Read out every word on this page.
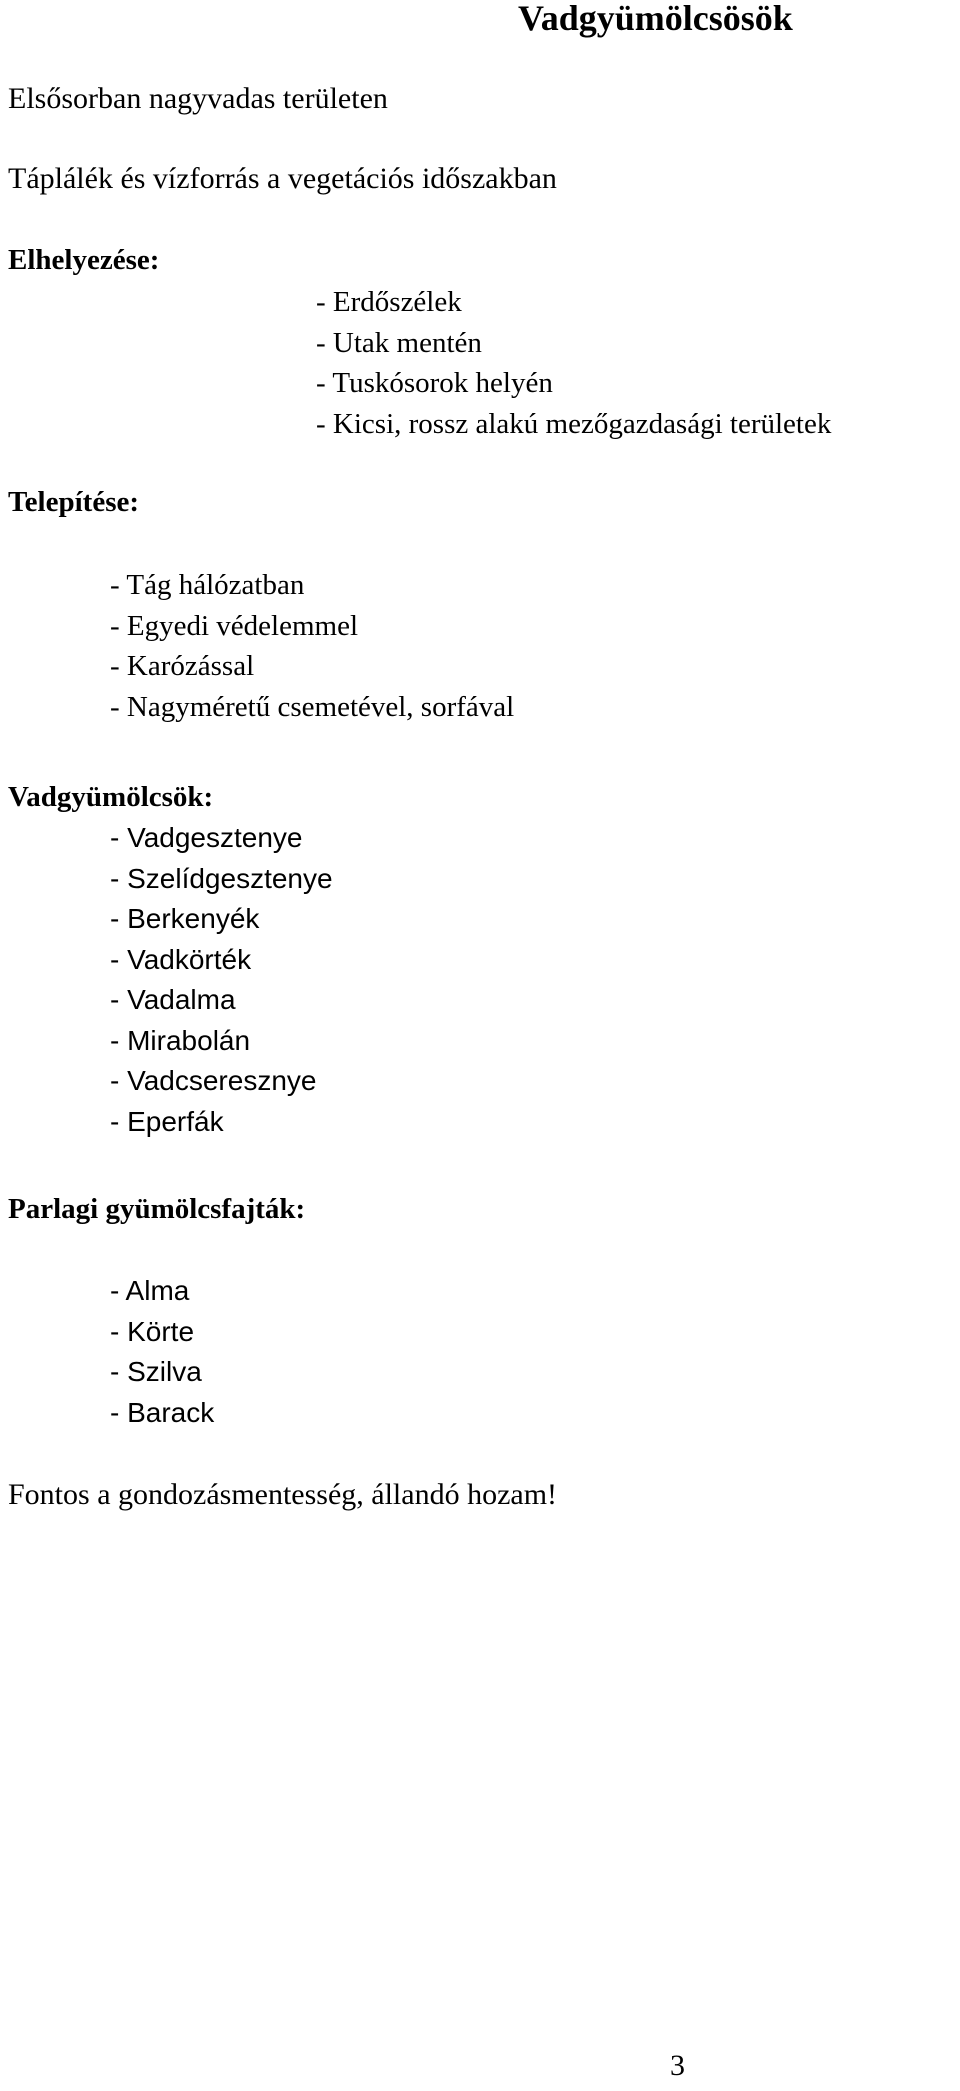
Vadgyümölcsösök
Elsősorban nagyvadas területen
Táplálék és vízforrás a vegetációs időszakban
Elhelyezése:
- Erdőszélek
- Utak mentén
- Tuskósorok helyén
- Kicsi, rossz alakú mezőgazdasági területek
Telepítése:
- Tág hálózatban
- Egyedi védelemmel
- Karózással
- Nagyméretű csemetével, sorfával
Vadgyümölcsök:
- Vadgesztenye
- Szelídgesztenye
- Berkenyék
- Vadkörték
- Vadalma
- Mirabolán
- Vadcseresznye
- Eperfák
Parlagi gyümölcsfajták:
- Alma
- Körte
- Szilva
- Barack
Fontos a gondozásmentesség, állandó hozam!
3
